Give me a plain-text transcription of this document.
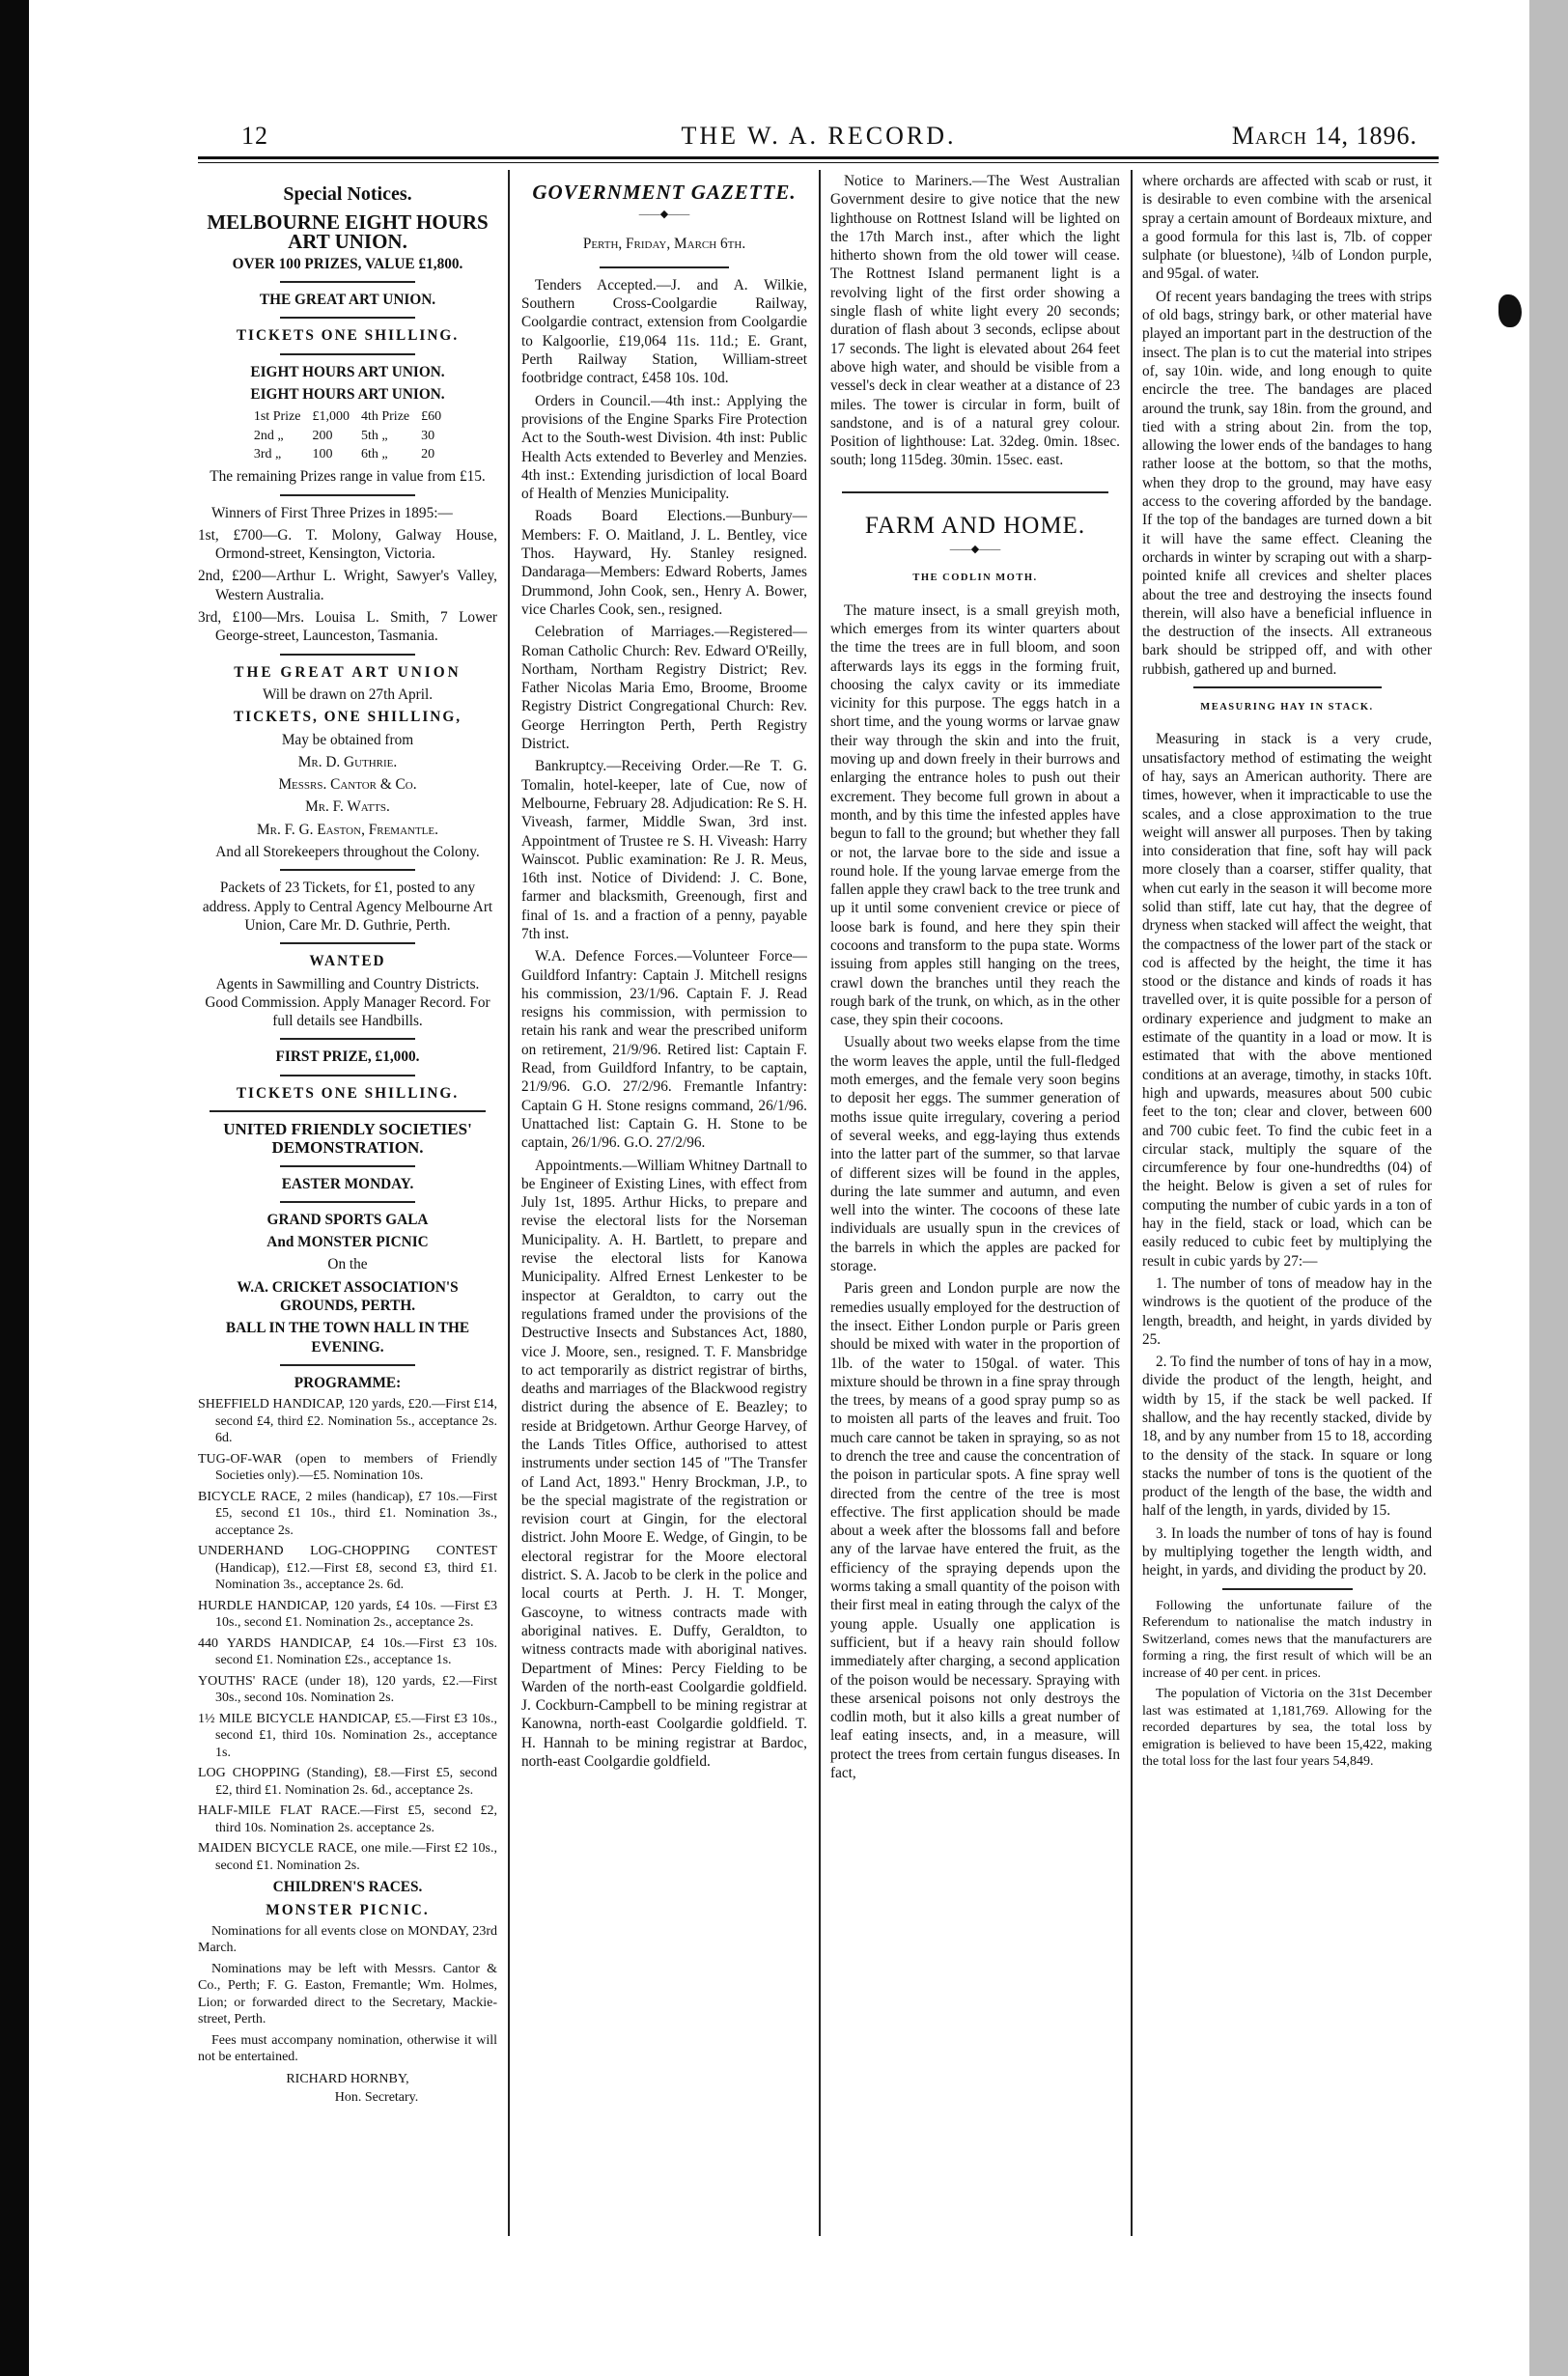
12	THE W. A. RECORD.	March 14, 1896.
Special Notices.

MELBOURNE EIGHT HOURS ART UNION.

OVER 100 PRIZES, VALUE £1,800.

THE GREAT ART UNION.

TICKETS ONE SHILLING.

EIGHT HOURS ART UNION.

EIGHT HOURS ART UNION.

1st Prize	£1,000	4th Prize	£60
2nd „	200	5th „	30
3rd „	100	6th „	20

The remaining Prizes range in value from £15.

Winners of First Three Prizes in 1895:—

1st, £700—G. T. Molony, Galway House, Ormond-street, Kensington, Victoria.

2nd, £200—Arthur L. Wright, Sawyer's Valley, Western Australia.

3rd, £100—Mrs. Louisa L. Smith, 7 Lower George-street, Launceston, Tasmania.

THE GREAT ART UNION

Will be drawn on 27th April.

TICKETS, ONE SHILLING,

May be obtained from

Mr. D. Guthrie.

Messrs. Cantor & Co.

Mr. F. Watts.

Mr. F. G. Easton, Fremantle.

And all Storekeepers throughout the Colony.

Packets of 23 Tickets, for £1, posted to any address. Apply to Central Agency Melbourne Art Union, Care Mr. D. Guthrie, Perth.

WANTED

Agents in Sawmilling and Country Districts. Good Commission. Apply Manager Record. For full details see Handbills.

FIRST PRIZE, £1,000.

TICKETS ONE SHILLING.

UNITED FRIENDLY SOCIETIES' DEMONSTRATION.

EASTER MONDAY.

GRAND SPORTS GALA

And MONSTER PICNIC

On the

W.A. CRICKET ASSOCIATION'S GROUNDS, PERTH.

BALL IN THE TOWN HALL IN THE EVENING.

PROGRAMME:

SHEFFIELD HANDICAP, 120 yards, £20.—First £14, second £4, third £2. Nomination 5s., acceptance 2s. 6d.

TUG-OF-WAR (open to members of Friendly Societies only).—£5. Nomination 10s.

BICYCLE RACE, 2 miles (handicap), £7 10s.—First £5, second £1 10s., third £1. Nomination 3s., acceptance 2s.

UNDERHAND LOG-CHOPPING CONTEST (Handicap), £12.—First £8, second £3, third £1. Nomination 3s., acceptance 2s. 6d.

HURDLE HANDICAP, 120 yards, £4 10s. —First £3 10s., second £1. Nomination 2s., acceptance 2s.

440 YARDS HANDICAP, £4 10s.—First £3 10s. second £1. Nomination £2s., acceptance 1s.

YOUTHS' RACE (under 18), 120 yards, £2.—First 30s., second 10s. Nomination 2s.

1½ MILE BICYCLE HANDICAP, £5.—First £3 10s., second £1, third 10s. Nomination 2s., acceptance 1s.

LOG CHOPPING (Standing), £8.—First £5, second £2, third £1. Nomination 2s. 6d., acceptance 2s.

HALF-MILE FLAT RACE.—First £5, second £2, third 10s. Nomination 2s. acceptance 2s.

MAIDEN BICYCLE RACE, one mile.—First £2 10s., second £1. Nomination 2s.

CHILDREN'S RACES.

MONSTER PICNIC.

Nominations for all events close on MONDAY, 23rd March.

Nominations may be left with Messrs. Cantor & Co., Perth; F. G. Easton, Fremantle; Wm. Holmes, Lion; or forwarded direct to the Secretary, Mackie-street, Perth.

Fees must accompany nomination, otherwise it will not be entertained.

RICHARD HORNBY,
Hon. Secretary.
GOVERNMENT GAZETTE.
——◆——

Perth, Friday, March 6th.

Tenders Accepted.—J. and A. Wilkie, Southern Cross-Coolgardie Railway, Coolgardie contract, extension from Coolgardie to Kalgoorlie, £19,064 11s. 11d.; E. Grant, Perth Railway Station, William-street footbridge contract, £458 10s. 10d.

Orders in Council.—4th inst.: Applying the provisions of the Engine Sparks Fire Protection Act to the South-west Division. 4th inst: Public Health Acts extended to Beverley and Menzies. 4th inst.: Extending jurisdiction of local Board of Health of Menzies Municipality.

Roads Board Elections.—Bunbury—Members: F. O. Maitland, J. L. Bentley, vice Thos. Hayward, Hy. Stanley resigned. Dandaraga—Members: Edward Roberts, James Drummond, John Cook, sen., Henry A. Bower, vice Charles Cook, sen., resigned.

Celebration of Marriages.—Registered—Roman Catholic Church: Rev. Edward O'Reilly, Northam, Northam Registry District; Rev. Father Nicolas Maria Emo, Broome, Broome Registry District Congregational Church: Rev. George Herrington Perth, Perth Registry District.

Bankruptcy.—Receiving Order.—Re T. G. Tomalin, hotel-keeper, late of Cue, now of Melbourne, February 28. Adjudication: Re S. H. Viveash, farmer, Middle Swan, 3rd inst. Appointment of Trustee re S. H. Viveash: Harry Wainscot. Public examination: Re J. R. Meus, 16th inst. Notice of Dividend: J. C. Bone, farmer and blacksmith, Greenough, first and final of 1s. and a fraction of a penny, payable 7th inst.

W.A. Defence Forces.—Volunteer Force—Guildford Infantry: Captain J. Mitchell resigns his commission, 23/1/96. Captain F. J. Read resigns his commission, with permission to retain his rank and wear the prescribed uniform on retirement, 21/9/96. Retired list: Captain F. Read, from Guildford Infantry, to be captain, 21/9/96. G.O. 27/2/96. Fremantle Infantry: Captain G H. Stone resigns command, 26/1/96. Unattached list: Captain G. H. Stone to be captain, 26/1/96. G.O. 27/2/96.

Appointments.—William Whitney Dartnall to be Engineer of Existing Lines, with effect from July 1st, 1895. Arthur Hicks, to prepare and revise the electoral lists for the Norseman Municipality. A. H. Bartlett, to prepare and revise the electoral lists for Kanowa Municipality. Alfred Ernest Lenkester to be inspector at Geraldton, to carry out the regulations framed under the provisions of the Destructive Insects and Substances Act, 1880, vice J. Moore, sen., resigned. T. F. Mansbridge to act temporarily as district registrar of births, deaths and marriages of the Blackwood registry district during the absence of E. Beazley; to reside at Bridgetown. Arthur George Harvey, of the Lands Titles Office, authorised to attest instruments under section 145 of "The Transfer of Land Act, 1893." Henry Brockman, J.P., to be the special magistrate of the registration or revision court at Gingin, for the electoral district. John Moore E. Wedge, of Gingin, to be electoral registrar for the Moore electoral district. S. A. Jacob to be clerk in the police and local courts at Perth. J. H. T. Monger, Gascoyne, to witness contracts made with aboriginal natives. E. Duffy, Geraldton, to witness contracts made with aboriginal natives. Department of Mines: Percy Fielding to be Warden of the north-east Coolgardie goldfield. J. Cockburn-Campbell to be mining registrar at Kanowna, north-east Coolgardie goldfield. T. H. Hannah to be mining registrar at Bardoc, north-east Coolgardie goldfield.

Notice to Mariners.—The West Australian Government desire to give notice that the new lighthouse on Rottnest Island will be lighted on the 17th March inst., after which the light hitherto shown from the old tower will cease. The Rottnest Island permanent light is a revolving light of the first order showing a single flash of white light every 20 seconds; duration of flash about 3 seconds, eclipse about 17 seconds. The light is elevated about 264 feet above high water, and should be visible from a vessel's deck in clear weather at a distance of 23 miles. The tower is circular in form, built of sandstone, and is of a natural grey colour. Position of lighthouse: Lat. 32deg. 0min. 18sec. south; long 115deg. 30min. 15sec. east.

FARM AND HOME.
——◆——
THE CODLIN MOTH.

The mature insect, is a small greyish moth, which emerges from its winter quarters about the time the trees are in full bloom, and soon afterwards lays its eggs in the forming fruit, choosing the calyx cavity or its immediate vicinity for this purpose. The eggs hatch in a short time, and the young worms or larvae gnaw their way through the skin and into the fruit, moving up and down freely in their burrows and enlarging the entrance holes to push out their excrement. They become full grown in about a month, and by this time the infested apples have begun to fall to the ground; but whether they fall or not, the larvae bore to the side and issue a round hole. If the young larvae emerge from the fallen apple they crawl back to the tree trunk and up it until some convenient crevice or piece of loose bark is found, and here they spin their cocoons and transform to the pupa state. Worms issuing from apples still hanging on the trees, crawl down the branches until they reach the rough bark of the trunk, on which, as in the other case, they spin their cocoons.

Usually about two weeks elapse from the time the worm leaves the apple, until the full-fledged moth emerges, and the female very soon begins to deposit her eggs. The summer generation of moths issue quite irregulary, covering a period of several weeks, and egg-laying thus extends into the latter part of the summer, so that larvae of different sizes will be found in the apples, during the late summer and autumn, and even well into the winter. The cocoons of these late individuals are usually spun in the crevices of the barrels in which the apples are packed for storage.

Paris green and London purple are now the remedies usually employed for the destruction of the insect. Either London purple or Paris green should be mixed with water in the proportion of 1lb. of the water to 150gal. of water. This mixture should be thrown in a fine spray through the trees, by means of a good spray pump so as to moisten all parts of the leaves and fruit. Too much care cannot be taken in spraying, so as not to drench the tree and cause the concentration of the poison in particular spots. A fine spray well directed from the centre of the tree is most effective. The first application should be made about a week after the blossoms fall and before any of the larvae have entered the fruit, as the efficiency of the spraying depends upon the worms taking a small quantity of the poison with their first meal in eating through the calyx of the young apple. Usually one application is sufficient, but if a heavy rain should follow immediately after charging, a second application of the poison would be necessary. Spraying with these arsenical poisons not only destroys the codlin moth, but it also kills a great number of leaf eating insects, and, in a measure, will protect the trees from certain fungus diseases. In fact,

where orchards are affected with scab or rust, it is desirable to even combine with the arsenical spray a certain amount of Bordeaux mixture, and a good formula for this last is, 7lb. of copper sulphate (or bluestone), ¼lb of London purple, and 95gal. of water.

Of recent years bandaging the trees with strips of old bags, stringy bark, or other material have played an important part in the destruction of the insect. The plan is to cut the material into stripes of, say 10in. wide, and long enough to quite encircle the tree. The bandages are placed around the trunk, say 18in. from the ground, and tied with a string about 2in. from the top, allowing the lower ends of the bandages to hang rather loose at the bottom, so that the moths, when they drop to the ground, may have easy access to the covering afforded by the bandage. If the top of the bandages are turned down a bit it will have the same effect. Cleaning the orchards in winter by scraping out with a sharp-pointed knife all crevices and shelter places about the tree and destroying the insects found therein, will also have a beneficial influence in the destruction of the insects. All extraneous bark should be stripped off, and with other rubbish, gathered up and burned.

MEASURING HAY IN STACK.

Measuring in stack is a very crude, unsatisfactory method of estimating the weight of hay, says an American authority. There are times, however, when it impracticable to use the scales, and a close approximation to the true weight will answer all purposes. Then by taking into consideration that fine, soft hay will pack more closely than a coarser, stiffer quality, that when cut early in the season it will become more solid than stiff, late cut hay, that the degree of dryness when stacked will affect the weight, that the compactness of the lower part of the stack or cod is affected by the height, the time it has stood or the distance and kinds of roads it has travelled over, it is quite possible for a person of ordinary experience and judgment to make an estimate of the quantity in a load or mow. It is estimated that with the above mentioned conditions at an average, timothy, in stacks 10ft. high and upwards, measures about 500 cubic feet to the ton; clear and clover, between 600 and 700 cubic feet. To find the cubic feet in a circular stack, multiply the square of the circumference by four one-hundredths (04) of the height. Below is given a set of rules for computing the number of cubic yards in a ton of hay in the field, stack or load, which can be easily reduced to cubic feet by multiplying the result in cubic yards by 27:—

1. The number of tons of meadow hay in the windrows is the quotient of the produce of the length, breadth, and height, in yards divided by 25.

2. To find the number of tons of hay in a mow, divide the product of the length, height, and width by 15, if the stack be well packed. If shallow, and the hay recently stacked, divide by 18, and by any number from 15 to 18, according to the density of the stack. In square or long stacks the number of tons is the quotient of the product of the length of the base, the width and half of the length, in yards, divided by 15.

3. In loads the number of tons of hay is found by multiplying together the length width, and height, in yards, and dividing the product by 20.

Following the unfortunate failure of the Referendum to nationalise the match industry in Switzerland, comes news that the manufacturers are forming a ring, the first result of which will be an increase of 40 per cent. in prices.

The population of Victoria on the 31st December last was estimated at 1,181,769. Allowing for the recorded departures by sea, the total loss by emigration is believed to have been 15,422, making the total loss for the last four years 54,849.
